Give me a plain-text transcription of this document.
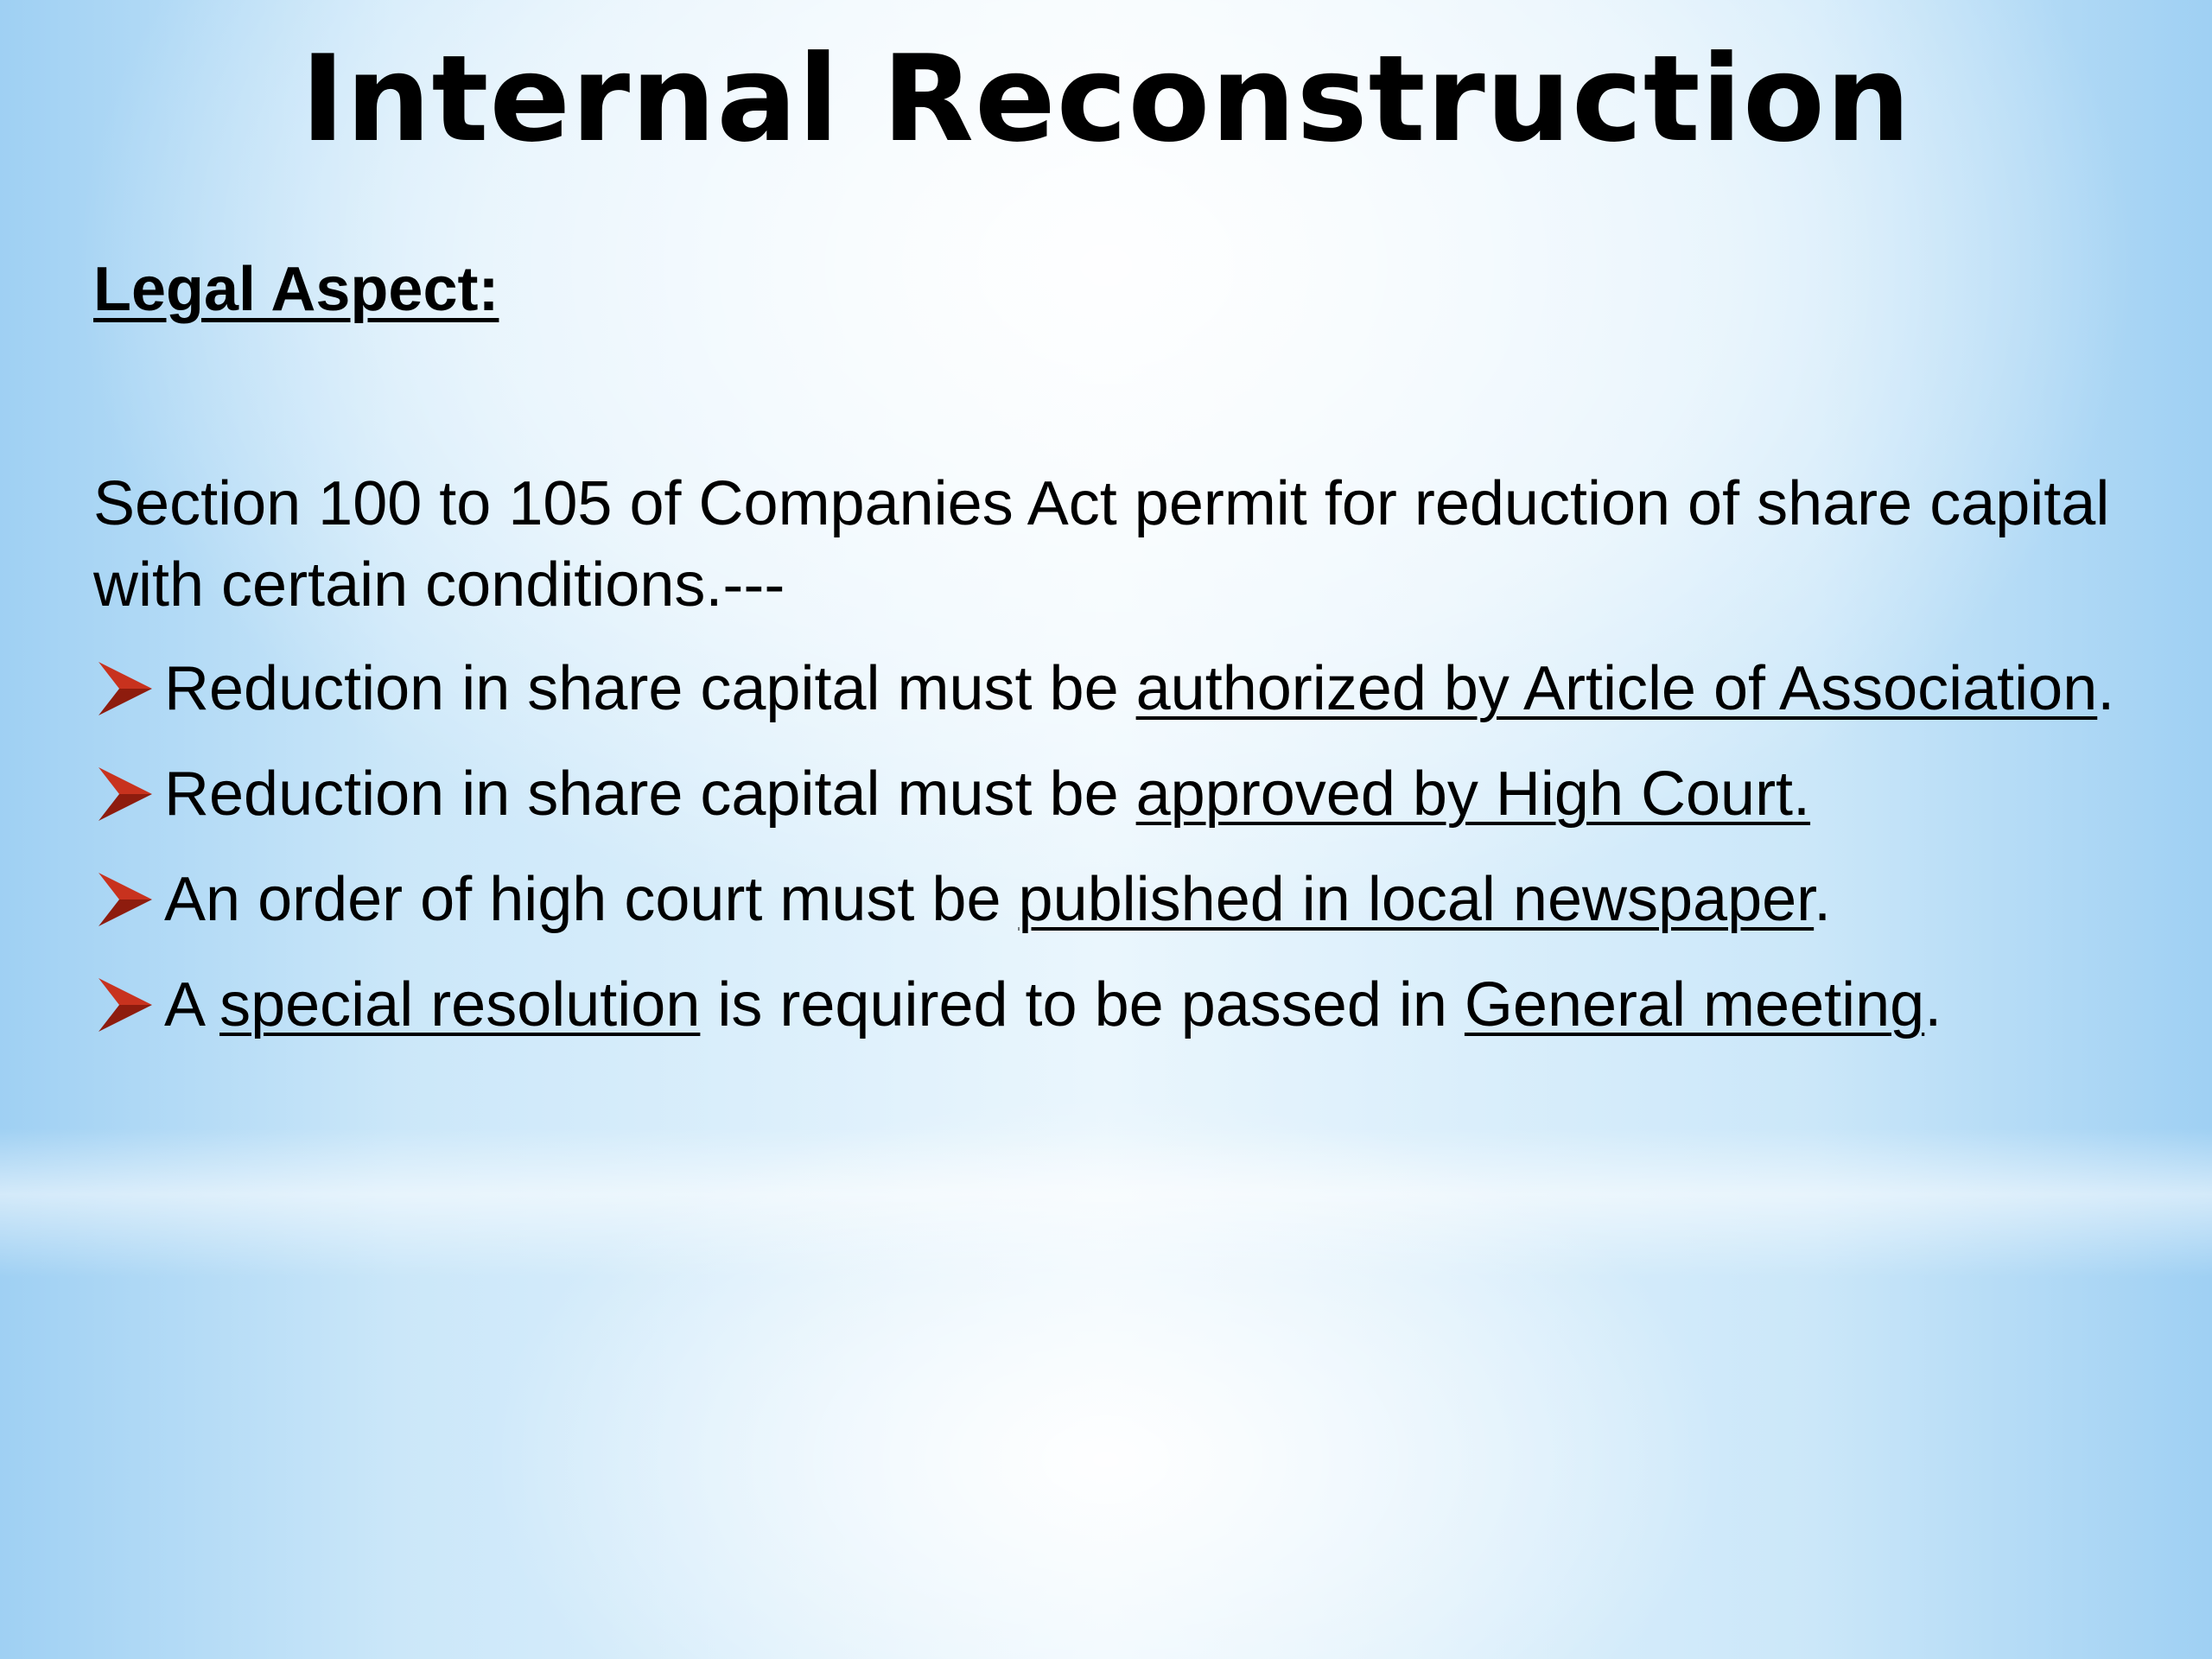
Internal Reconstruction

Legal Aspect:

Section 100 to 105 of Companies Act permit for reduction of share capital with certain conditions.---

Reduction in share capital must be authorized by Article of Association.
Reduction in share capital must be approved by High Court.
An order of high court must be published in local newspaper.
A special resolution is required to be passed in General meeting.
